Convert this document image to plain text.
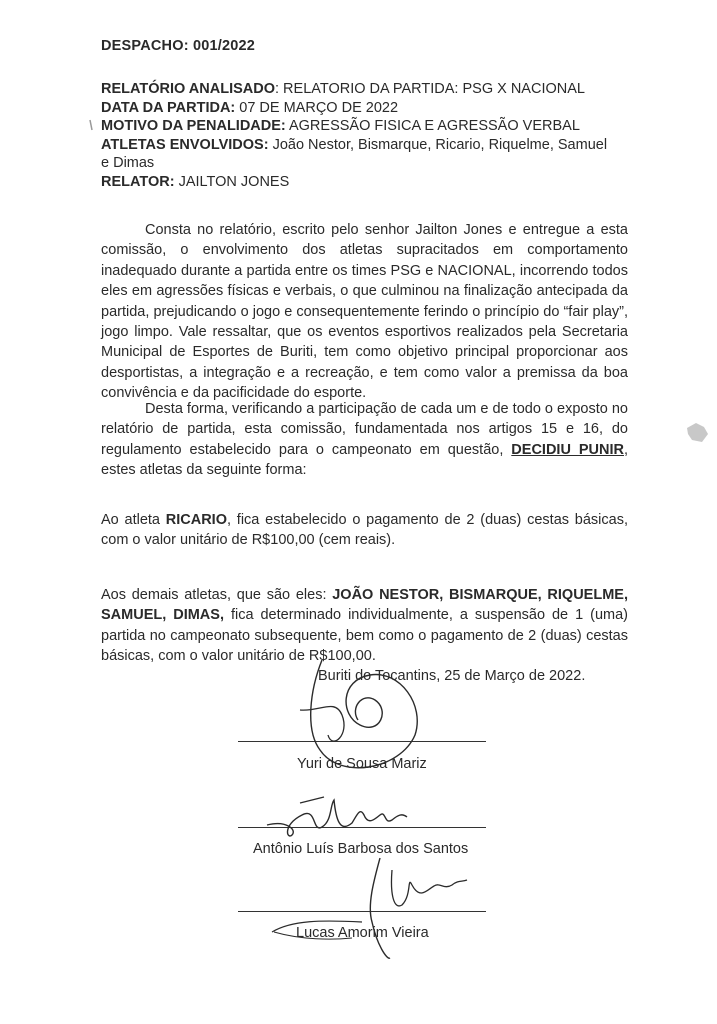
DESPACHO: 001/2022
RELATÓRIO ANALISADO: RELATORIO DA PARTIDA: PSG X NACIONAL
DATA DA PARTIDA: 07 DE MARÇO DE 2022
MOTIVO DA PENALIDADE: AGRESSÃO FISICA E AGRESSÃO VERBAL
ATLETAS ENVOLVIDOS: João Nestor, Bismarque, Ricario, Riquelme, Samuel
e Dimas
RELATOR: JAILTON JONES
Consta no relatório, escrito pelo senhor Jailton Jones e entregue a esta comissão, o envolvimento dos atletas supracitados em comportamento inadequado durante a partida entre os times PSG e NACIONAL, incorrendo todos eles em agressões físicas e verbais, o que culminou na finalização antecipada da partida, prejudicando o jogo e consequentemente ferindo o princípio do “fair play”, jogo limpo. Vale ressaltar, que os eventos esportivos realizados pela Secretaria Municipal de Esportes de Buriti, tem como objetivo principal proporcionar aos desportistas, a integração e a recreação, e tem como valor a premissa da boa convivência e da pacificidade do esporte.
Desta forma, verificando a participação de cada um e de todo o exposto no relatório de partida, esta comissão, fundamentada nos artigos 15 e 16, do regulamento estabelecido para o campeonato em questão, DECIDIU PUNIR, estes atletas da seguinte forma:
Ao atleta RICARIO, fica estabelecido o pagamento de 2 (duas) cestas básicas, com o valor unitário de R$100,00 (cem reais).
Aos demais atletas, que são eles: JOÃO NESTOR, BISMARQUE, RIQUELME, SAMUEL, DIMAS, fica determinado individualmente, a suspensão de 1 (uma) partida no campeonato subsequente, bem como o pagamento de 2 (duas) cestas básicas, com o valor unitário de R$100,00.
Buriti do Tocantins, 25 de Março de 2022.
Yuri de Sousa Mariz
Antônio Luís Barbosa dos Santos
Lucas Amorim Vieira
